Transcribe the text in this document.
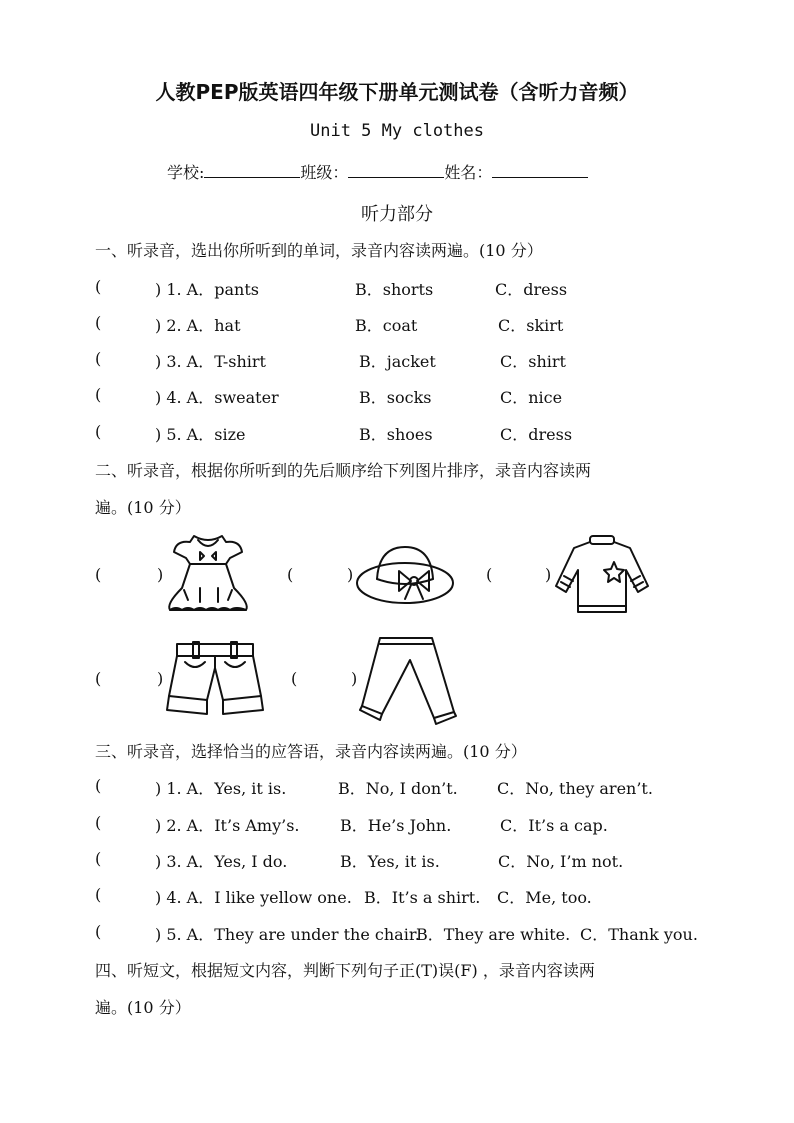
人教PEP版英语四年级下册单元测试卷（含听力音频）
Unit 5 My clothes
学校:	班级：	姓名：
听力部分
一、听录音，选出你所听到的单词，录音内容读两遍。(10 分）
(	) 1. A．pants	B．shorts	C．dress
(	) 2. A．hat	B．coat	C．skirt
(	) 3. A．T-shirt	B．jacket	C．shirt
(	) 4. A．sweater	B．socks	C．nice
(	) 5. A．size	B．shoes	C．dress
二、听录音，根据你所听到的先后顺序给下列图片排序，录音内容读两
遍。(10 分）
(	)	(	)	(	)
(	)	(	)
三、听录音，选择恰当的应答语，录音内容读两遍。(10 分）
(	) 1. A．Yes, it is.	B．No, I don’t. C．No, they aren’t.
(	) 2. A．It’s Amy’s.	B．He’s John.	C．It’s a cap.
(	) 3. A．Yes, I do.	B．Yes, it is.	C．No, I’m not.
(	) 4. A．I like yellow one. B．It’s a shirt. C．Me, too.
(	) 5. A．They are under the chair.
B．They are white. C．Thank you.
四、听短文，根据短文内容，判断下列句子正(T)误(F) ，录音内容读两
遍。(10 分）
